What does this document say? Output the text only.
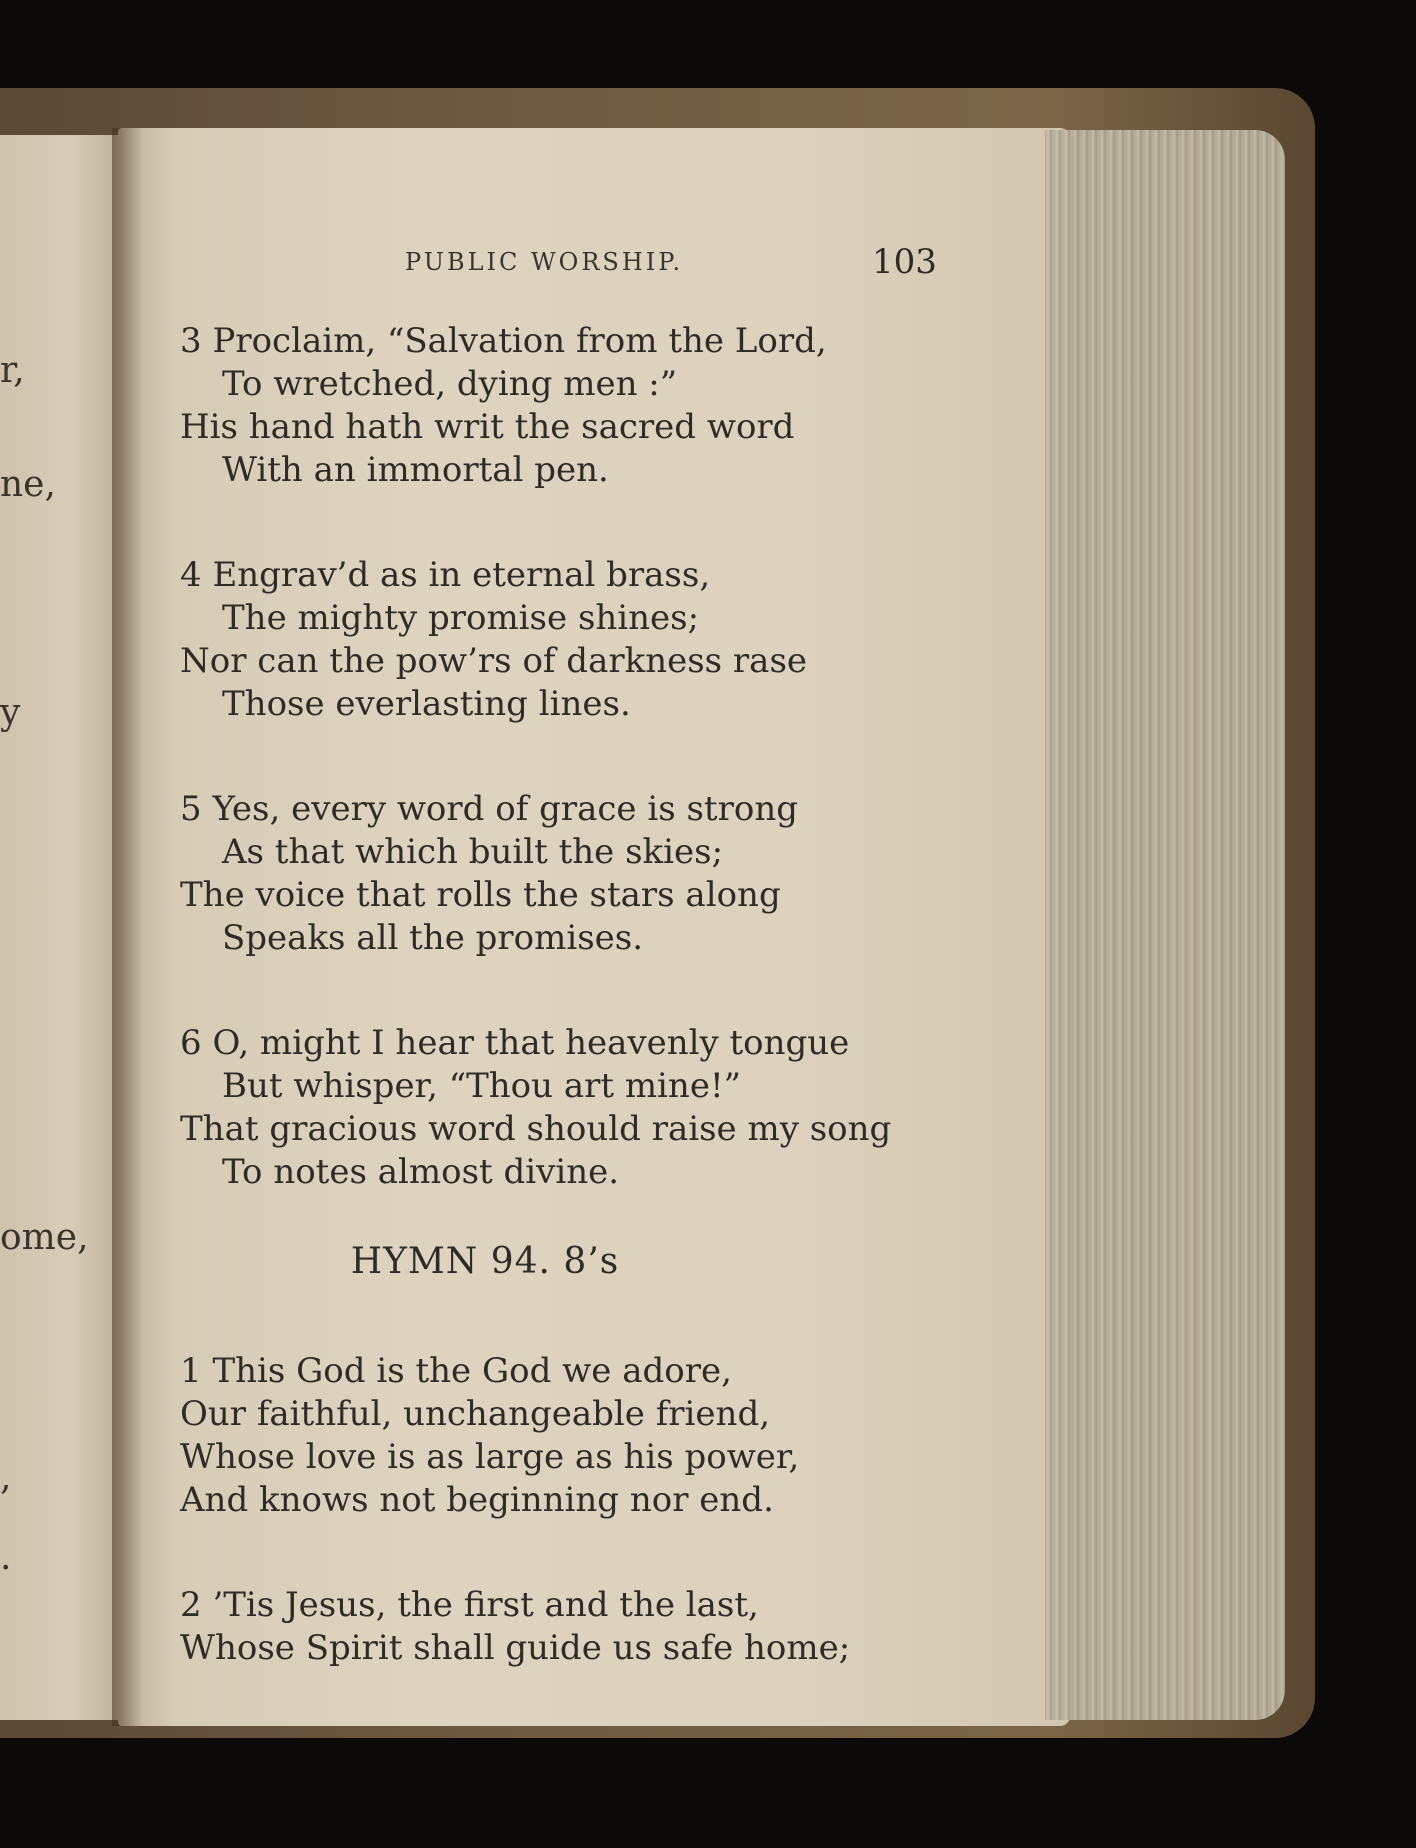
r,
ne,
y
ome,
,
.
PUBLIC WORSHIP.	103
3 Proclaim, “Salvation from the Lord,
To wretched, dying men :”
His hand hath writ the sacred word
With an immortal pen.
4 Engrav’d as in eternal brass,
The mighty promise shines;
Nor can the pow’rs of darkness rase
Those everlasting lines.
5 Yes, every word of grace is strong
As that which built the skies;
The voice that rolls the stars along
Speaks all the promises.
6 O, might I hear that heavenly tongue
But whisper, “Thou art mine!”
That gracious word should raise my song
To notes almost divine.
HYMN 94. 8’s
1 This God is the God we adore,
Our faithful, unchangeable friend,
Whose love is as large as his power,
And knows not beginning nor end.
2 ’Tis Jesus, the first and the last,
Whose Spirit shall guide us safe home;
